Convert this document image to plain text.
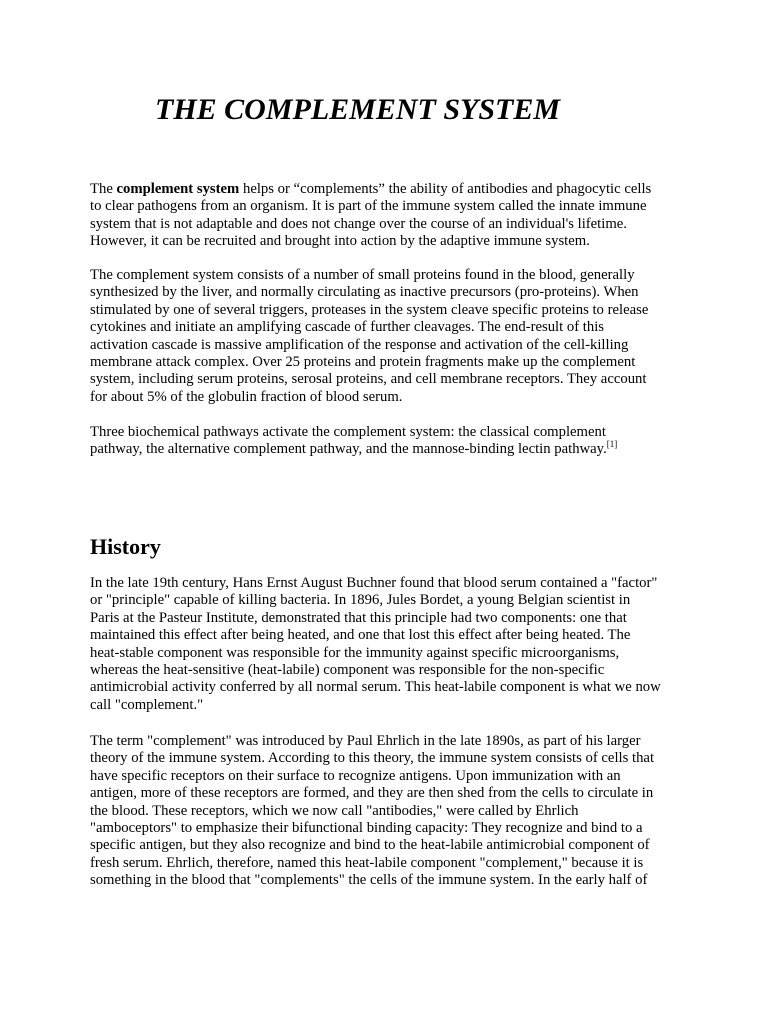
THE COMPLEMENT SYSTEM

The complement system helps or “complements” the ability of antibodies and phagocytic cells
to clear pathogens from an organism. It is part of the immune system called the innate immune
system that is not adaptable and does not change over the course of an individual's lifetime.
However, it can be recruited and brought into action by the adaptive immune system.

The complement system consists of a number of small proteins found in the blood, generally
synthesized by the liver, and normally circulating as inactive precursors (pro-proteins). When
stimulated by one of several triggers, proteases in the system cleave specific proteins to release
cytokines and initiate an amplifying cascade of further cleavages. The end-result of this
activation cascade is massive amplification of the response and activation of the cell-killing
membrane attack complex. Over 25 proteins and protein fragments make up the complement
system, including serum proteins, serosal proteins, and cell membrane receptors. They account
for about 5% of the globulin fraction of blood serum.

Three biochemical pathways activate the complement system: the classical complement
pathway, the alternative complement pathway, and the mannose-binding lectin pathway.[1]

History

In the late 19th century, Hans Ernst August Buchner found that blood serum contained a "factor"
or "principle" capable of killing bacteria. In 1896, Jules Bordet, a young Belgian scientist in
Paris at the Pasteur Institute, demonstrated that this principle had two components: one that
maintained this effect after being heated, and one that lost this effect after being heated. The
heat-stable component was responsible for the immunity against specific microorganisms,
whereas the heat-sensitive (heat-labile) component was responsible for the non-specific
antimicrobial activity conferred by all normal serum. This heat-labile component is what we now
call "complement."

The term "complement" was introduced by Paul Ehrlich in the late 1890s, as part of his larger
theory of the immune system. According to this theory, the immune system consists of cells that
have specific receptors on their surface to recognize antigens. Upon immunization with an
antigen, more of these receptors are formed, and they are then shed from the cells to circulate in
the blood. These receptors, which we now call "antibodies," were called by Ehrlich
"amboceptors" to emphasize their bifunctional binding capacity: They recognize and bind to a
specific antigen, but they also recognize and bind to the heat-labile antimicrobial component of
fresh serum. Ehrlich, therefore, named this heat-labile component "complement," because it is
something in the blood that "complements" the cells of the immune system. In the early half of
